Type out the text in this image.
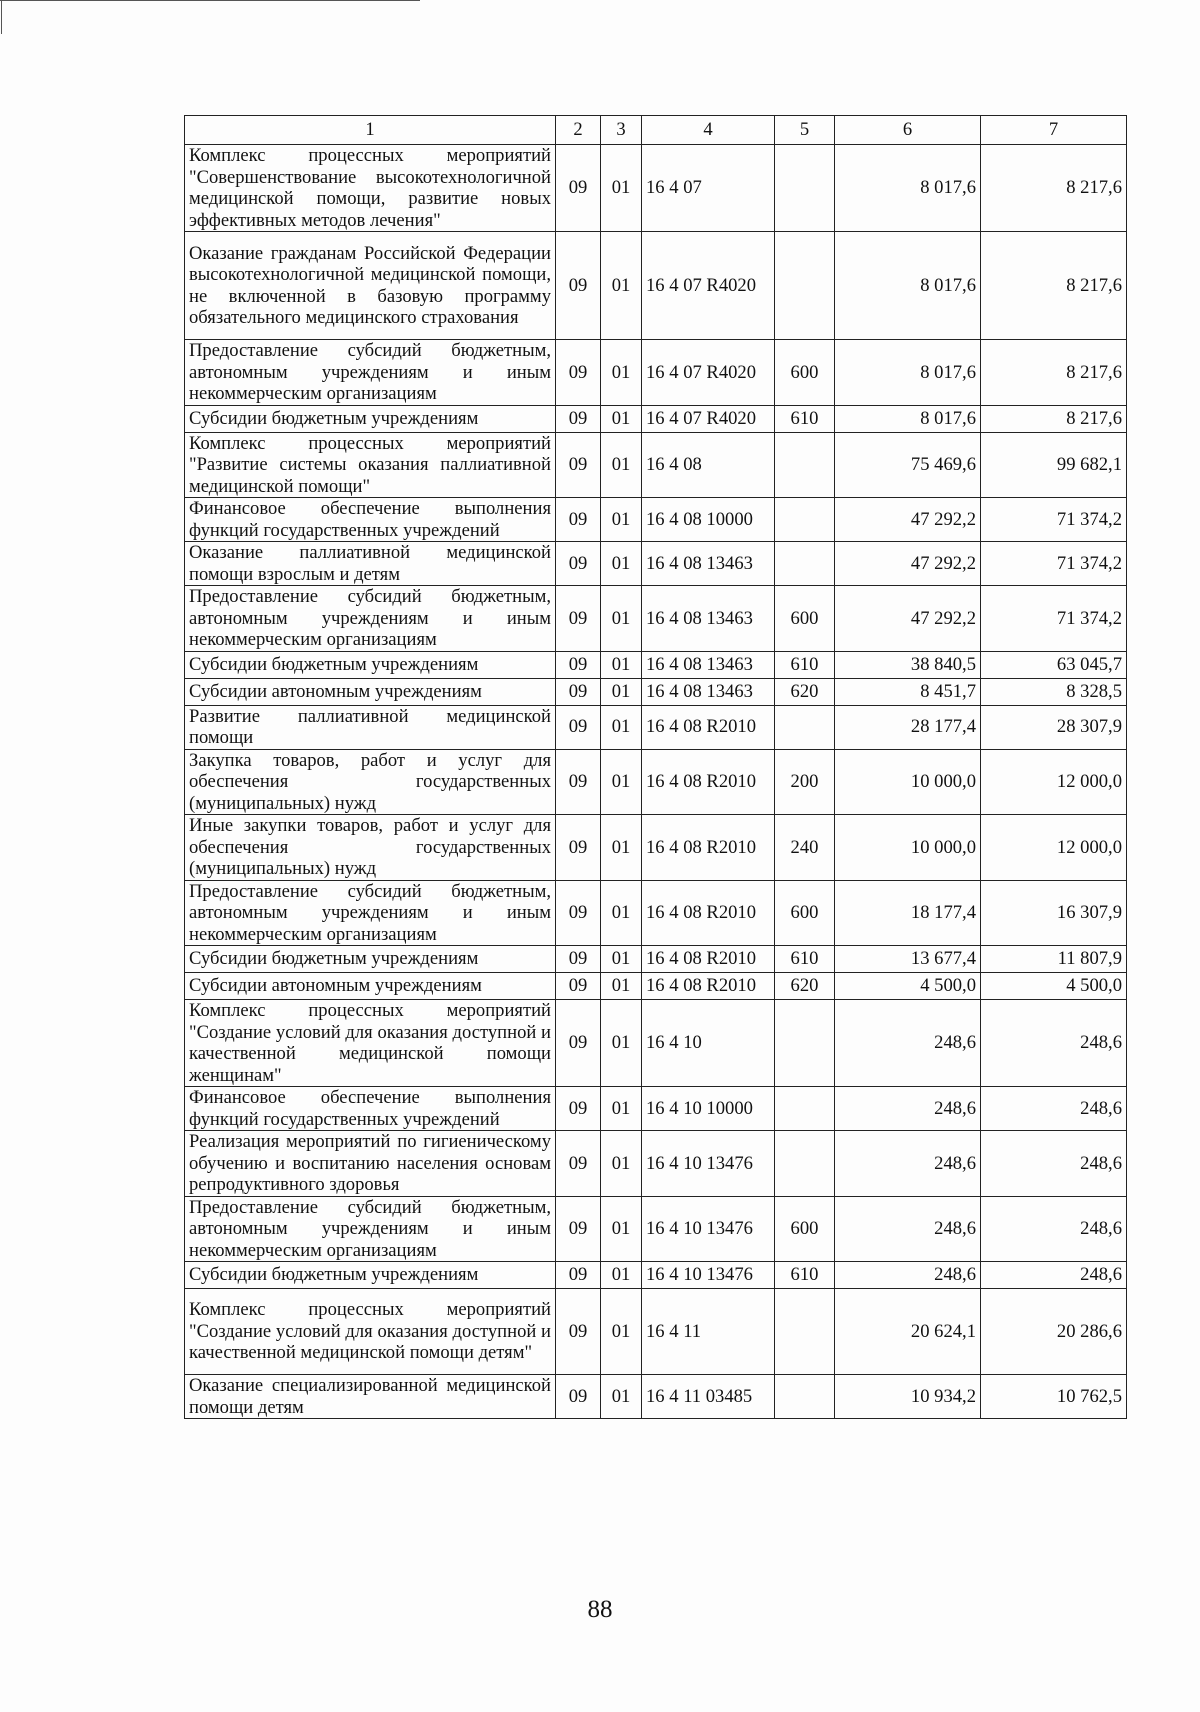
1	2	3	4	5	6	7
Комплекс процессных мероприятий "Совершенствование высокотехнологичной медицинской помощи, развитие новых эффективных методов лечения"	09	01	16 4 07		8 017,6	8 217,6
Оказание гражданам Российской Федерации высокотехнологичной медицинской помощи, не включенной в базовую программу обязательного медицинского страхования	09	01	16 4 07 R4020		8 017,6	8 217,6
Предоставление субсидий бюджетным, автономным учреждениям и иным некоммерческим организациям	09	01	16 4 07 R4020	600	8 017,6	8 217,6
Субсидии бюджетным учреждениям	09	01	16 4 07 R4020	610	8 017,6	8 217,6
Комплекс процессных мероприятий "Развитие системы оказания паллиативной медицинской помощи"	09	01	16 4 08		75 469,6	99 682,1
Финансовое обеспечение выполнения функций государственных учреждений	09	01	16 4 08 10000		47 292,2	71 374,2
Оказание паллиативной медицинской помощи взрослым и детям	09	01	16 4 08 13463		47 292,2	71 374,2
Предоставление субсидий бюджетным, автономным учреждениям и иным некоммерческим организациям	09	01	16 4 08 13463	600	47 292,2	71 374,2
Субсидии бюджетным учреждениям	09	01	16 4 08 13463	610	38 840,5	63 045,7
Субсидии автономным учреждениям	09	01	16 4 08 13463	620	8 451,7	8 328,5
Развитие паллиативной медицинской помощи	09	01	16 4 08 R2010		28 177,4	28 307,9
Закупка товаров, работ и услуг для обеспечения государственных (муниципальных) нужд	09	01	16 4 08 R2010	200	10 000,0	12 000,0
Иные закупки товаров, работ и услуг для обеспечения государственных (муниципальных) нужд	09	01	16 4 08 R2010	240	10 000,0	12 000,0
Предоставление субсидий бюджетным, автономным учреждениям и иным некоммерческим организациям	09	01	16 4 08 R2010	600	18 177,4	16 307,9
Субсидии бюджетным учреждениям	09	01	16 4 08 R2010	610	13 677,4	11 807,9
Субсидии автономным учреждениям	09	01	16 4 08 R2010	620	4 500,0	4 500,0
Комплекс процессных мероприятий "Создание условий для оказания доступной и качественной медицинской помощи женщинам"	09	01	16 4 10		248,6	248,6
Финансовое обеспечение выполнения функций государственных учреждений	09	01	16 4 10 10000		248,6	248,6
Реализация мероприятий по гигиеническому обучению и воспитанию населения основам репродуктивного здоровья	09	01	16 4 10 13476		248,6	248,6
Предоставление субсидий бюджетным, автономным учреждениям и иным некоммерческим организациям	09	01	16 4 10 13476	600	248,6	248,6
Субсидии бюджетным учреждениям	09	01	16 4 10 13476	610	248,6	248,6
Комплекс процессных мероприятий "Создание условий для оказания доступной и качественной медицинской помощи детям"	09	01	16 4 11		20 624,1	20 286,6
Оказание специализированной медицинской помощи детям	09	01	16 4 11 03485		10 934,2	10 762,5
88
